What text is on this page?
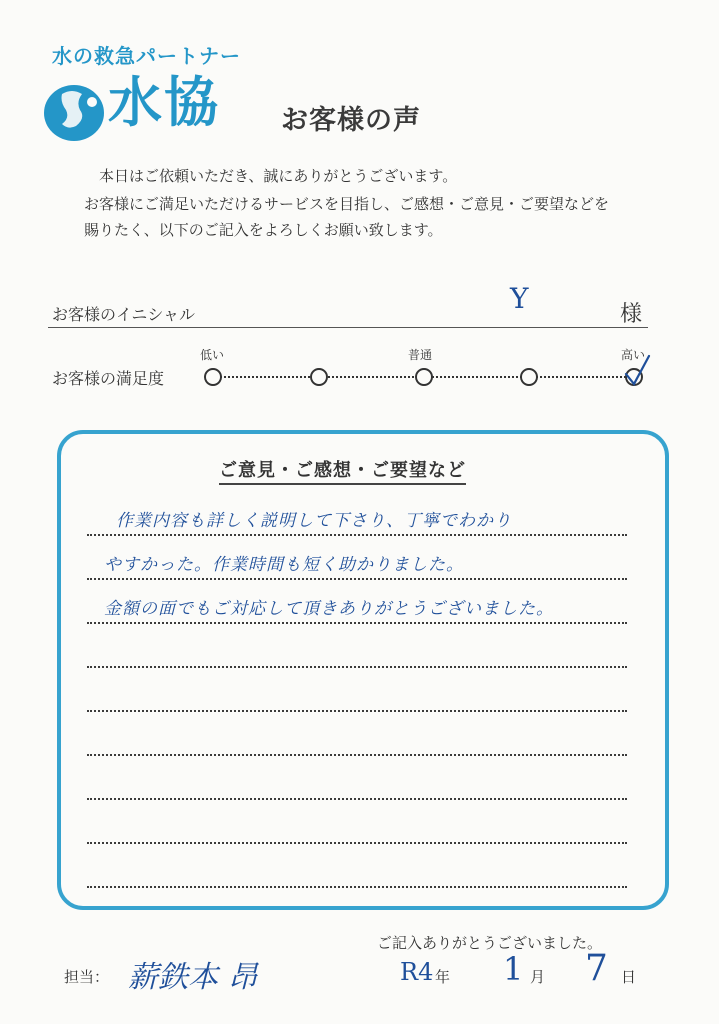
水の救急パートナー
水協 お客様の声
本日はご依頼いただき、誠にありがとうございます。
お客様にご満足いただけるサービスを目指し、ご感想・ご意見・ご要望などを
賜りたく、以下のご記入をよろしくお願い致します。
お客様のイニシャル	Y	様
お客様の満足度
低い	普通	高い
ご意見・ご感想・ご要望など
作業内容も詳しく説明して下さり、丁寧でわかり
やすかった。作業時間も短く助かりました。
金額の面でもご対応して頂きありがとうございました。
ご記入ありがとうございました。
担当： 薪鉄本 昂	R4 年 1 月 7 日
